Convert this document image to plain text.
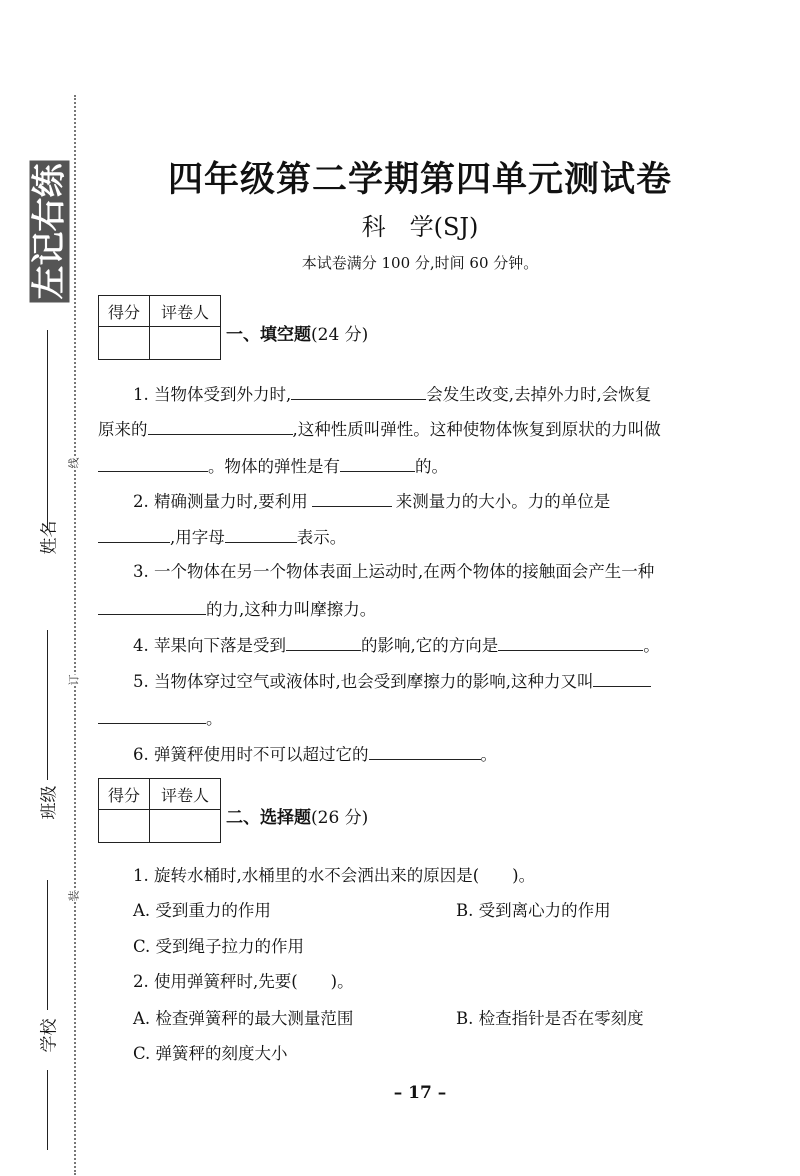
左记右练
线
订
装
姓名
班级
学校
四年级第二学期第四单元测试卷
科　学(SJ)
本试卷满分 100 分,时间 60 分钟。
得分	评卷人

一、填空题(24 分)
1. 当物体受到外力时,	会发生改变,去掉外力时,会恢复
原来的	,这种性质叫弹性。这种使物体恢复到原状的力叫做
。物体的弹性是有	的。
2. 精确测量力时,要利用	来测量力的大小。力的单位是
,用字母	表示。
3. 一个物体在另一个物体表面上运动时,在两个物体的接触面会产生一种
的力,这种力叫摩擦力。
4. 苹果向下落是受到	的影响,它的方向是	。
5. 当物体穿过空气或液体时,也会受到摩擦力的影响,这种力又叫
。
6. 弹簧秤使用时不可以超过它的	。
得分	评卷人

二、选择题(26 分)
1. 旋转水桶时,水桶里的水不会洒出来的原因是(　　)。
A. 受到重力的作用	B. 受到离心力的作用
C. 受到绳子拉力的作用
2. 使用弹簧秤时,先要(　　)。
A. 检查弹簧秤的最大测量范围	B. 检查指针是否在零刻度
C. 弹簧秤的刻度大小
– 17 –
